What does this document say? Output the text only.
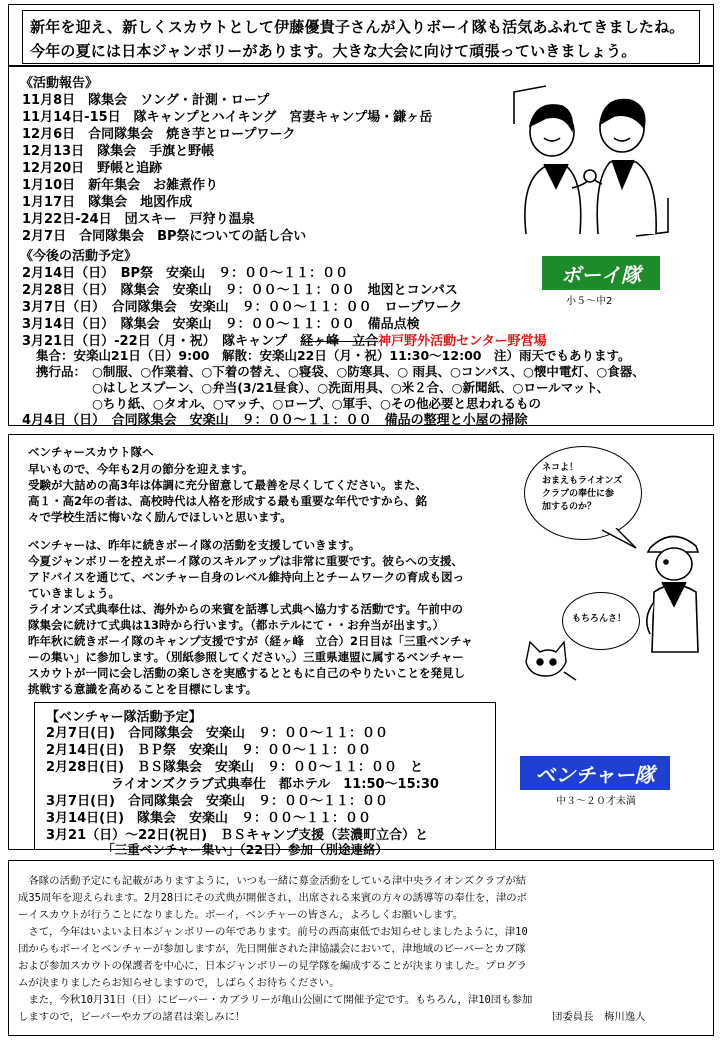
新年を迎え、新しくスカウトとして伊藤優貴子さんが入りボーイ隊も活気あふれてきましたね。
今年の夏には日本ジャンボリーがあります。大きな大会に向けて頑張っていきましょう。
《活動報告》
11月8日　隊集会　ソング・計測・ロープ
11月14日-15日　隊キャンプとハイキング　宮妻キャンプ場・鎌ヶ岳
12月6日　合同隊集会　焼き芋とロープワーク
12月13日　隊集会　手旗と野帳
12月20日　野帳と追跡
1月10日　新年集会　お雑煮作り
1月17日　隊集会　地図作成
1月22日-24日　団スキー　戸狩り温泉
2月7日　合同隊集会　BP祭についての話し合い
《今後の活動予定》
2月14日（日）　BP祭　安楽山　９：００～１１：００
2月28日（日）　隊集会　安楽山　９：００～１１：００　地図とコンパス
3月7日（日）　合同隊集会　安楽山　９：００～１１：００　ロープワーク
3月14日（日）　隊集会　安楽山　９：００～１１：００　備品点検
3月21日（日）-22日（月・祝）　隊キャンプ　経ヶ峰　立合神戸野外活動センター野営場
集合：安楽山21日（日）9:00　解散：安楽山22日（月・祝）11:30～12:00　注）雨天でもあります。
携行品： ○制服、○作業着、○下着の替え、○寝袋、○防寒具、○ 雨具、○コンパス、○懐中電灯、○食器、
○はしとスプーン、○弁当(3/21昼食）、○洗面用具、○米２合、○新聞紙、○ロールマット、
○ちり紙、○タオル、○マッチ、○ロープ、○軍手、○その他必要と思われるもの
4月4日（日）　合同隊集会　安楽山　９：００～１１：００　備品の整理と小屋の掃除
ボーイ隊
小５～中2
ベンチャースカウト隊へ
早いもので、今年も2月の節分を迎えます。
受験が大詰めの高3年は体調に充分留意して最善を尽くしてください。また、
高１・高2年の者は、高校時代は人格を形成する最も重要な年代ですから、銘
々で学校生活に悔いなく励んでほしいと思います。
ベンチャーは、昨年に続きボーイ隊の活動を支援していきます。
今夏ジャンボリーを控えボーイ隊のスキルアップは非常に重要です。彼らへの支援、
アドバイスを通じて、ベンチャー自身のレベル維持向上とチームワークの育成も図っ
ていきましょう。
ライオンズ式典奉仕は、海外からの来賓を話導し式典へ協力する活動です。午前中の
隊集会に続けて式典は13時から行います。（都ホテルにて・・お弁当が出ます。）
昨年秋に続きボーイ隊のキャンプ支援ですが（経ヶ峰　立合）2日目は「三重ベンチャ
ーの集い」に参加します。（別紙参照してください。）三重県連盟に属するベンチャー
スカウトが一同に会し活動の楽しさを実感するとともに自己のやりたいことを発見し
挑戦する意識を高めることを目標にします。
ネコよ！
おまえもライオンズ
クラブの奉仕に参
加するのか？
もちろんさ！
【ベンチャー隊活動予定】
2月7日(日)　合同隊集会　安楽山　９：００～１１：００
2月14日(日)　ＢＰ祭　安楽山　９：００～１１：００
2月28日(日)　ＢＳ隊集会　安楽山　９：００～１１：００　と
　　　　　ライオンズクラブ式典奉仕　都ホテル　11:50～15:30
3月7日(日)　合同隊集会　安楽山　９：００～１１：００
3月14日(日)　隊集会　安楽山　９：００～１１：００
3月21（日）～22日(祝日)　ＢＳキャンプ支援（芸濃町立合）と
　　　　　「三重ベンチャー集い」（22日）参加（別途連絡）
ベンチャー隊
中３～２０才未満
　各隊の活動予定にも記載がありますように，いつも一緒に募金活動をしている津中央ライオンズクラブが結
成35周年を迎えられます。2月28日にその式典が開催され，出席される来賓の方々の誘導等の奉仕を，津のボ
ーイスカウトが行うことになりました。ボーイ，ベンチャーの皆さん，よろしくお願いします。
　さて，今年はいよいよ日本ジャンボリーの年であります。前号の西高東低でお知らせしましたように，津10
団からもボーイとベンチャーが参加しますが，先日開催された津協議会において，津地域のビーバーとカブ隊
および参加スカウトの保護者を中心に，日本ジャンボリーの見学隊を編成することが決まりました。プログラ
ムが決まりましたらお知らせしますので，しばらくお待ちください。
　また，今秋10月31日（日）にビーバー・カブラリーが亀山公園にて開催予定です。もちろん，津10団も参加
しますので，ビーバーやカブの諸君は楽しみに！	団委員長　梅川逸人
